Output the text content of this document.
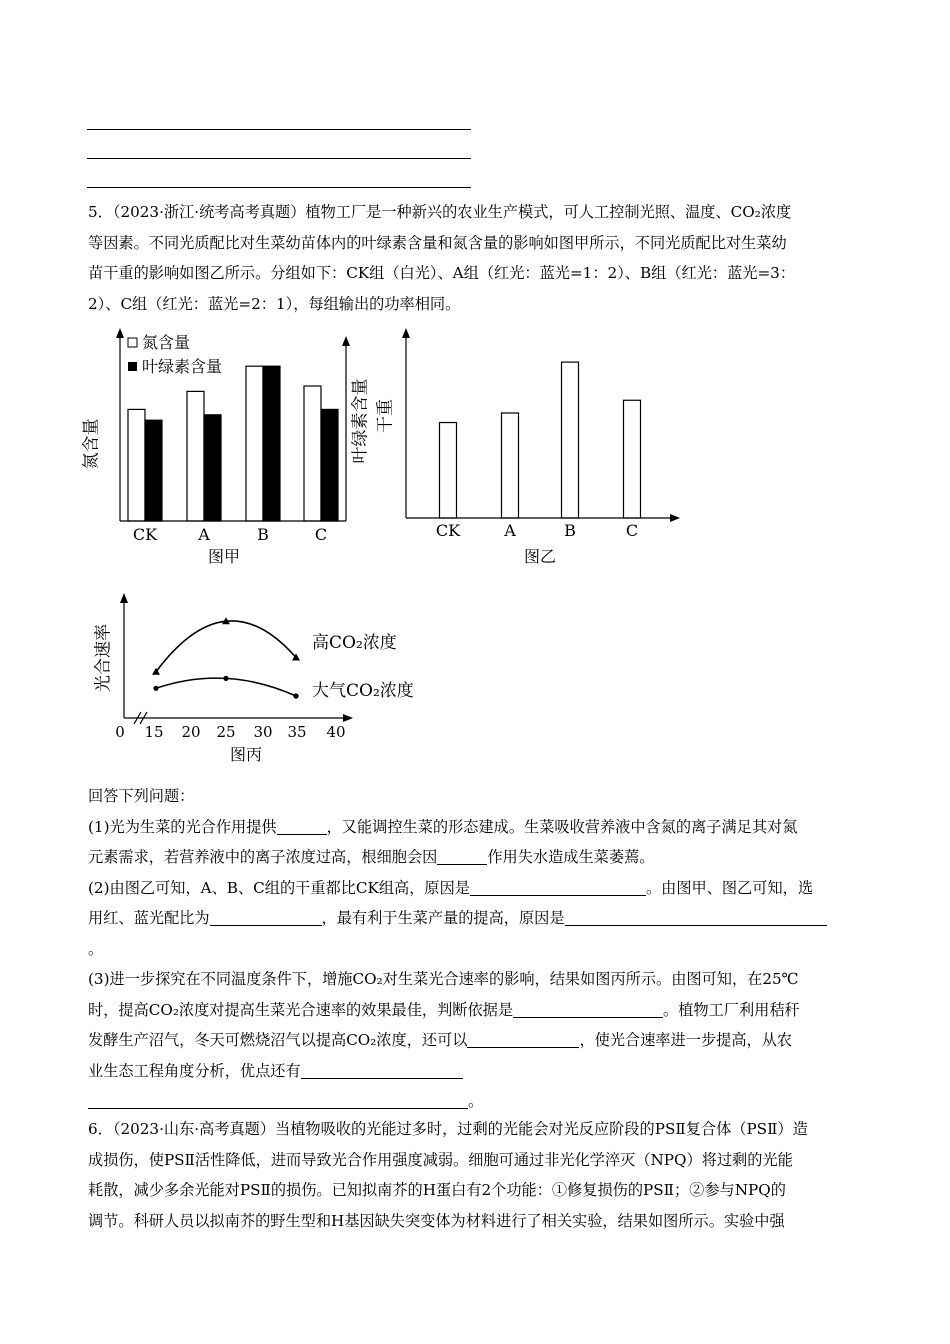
5．（2023·浙江·统考高考真题）植物工厂是一种新兴的农业生产模式，可人工控制光照、温度、CO₂浓度
等因素。不同光质配比对生菜幼苗体内的叶绿素含量和氮含量的影响如图甲所示，不同光质配比对生菜幼
苗干重的影响如图乙所示。分组如下：CK组（白光）、A组（红光：蓝光=1：2）、B组（红光：蓝光=3：
2）、C组（红光：蓝光=2：1），每组输出的功率相同。
氮含量
叶绿素含量
氮含量	叶绿素含量
CK	A	B	C
图甲
干重
CK	A	B	C
图乙
光合速率	高CO₂浓度
大气CO₂浓度
0 15 20 25 30 35 40
图丙
回答下列问题：
(1)光为生菜的光合作用提供	，又能调控生菜的形态建成。生菜吸收营养液中含氮的离子满足其对氮
元素需求，若营养液中的离子浓度过高，根细胞会因	作用失水造成生菜萎蔫。
(2)由图乙可知，A、B、C组的干重都比CK组高，原因是	。由图甲、图乙可知，选
用红、蓝光配比为	，最有利于生菜产量的提高，原因是
。
(3)进一步探究在不同温度条件下，增施CO₂对生菜光合速率的影响，结果如图丙所示。由图可知，在25℃
时，提高CO₂浓度对提高生菜光合速率的效果最佳，判断依据是	。植物工厂利用秸秆
发酵生产沼气，冬天可燃烧沼气以提高CO₂浓度，还可以	，使光合速率进一步提高，从农
业生态工程角度分析，优点还有
。
6．（2023·山东·高考真题）当植物吸收的光能过多时，过剩的光能会对光反应阶段的PSⅡ复合体（PSⅡ）造
成损伤，使PSⅡ活性降低，进而导致光合作用强度减弱。细胞可通过非光化学淬灭（NPQ）将过剩的光能
耗散，减少多余光能对PSⅡ的损伤。已知拟南芥的H蛋白有2个功能：①修复损伤的PSⅡ；②参与NPQ的
调节。科研人员以拟南芥的野生型和H基因缺失突变体为材料进行了相关实验，结果如图所示。实验中强
